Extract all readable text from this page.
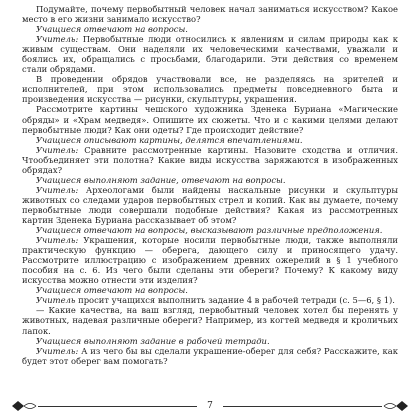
Подумайте, почему первобытный человек начал заниматься искусством? Какое место в его жизни занимало искусство?

Учащиеся отвечают на вопросы.

Учитель: Первобытные люди относились к явлениям и силам природы как к живым существам. Они наделяли их человеческими качествами, уважали и боялись их, обращались с просьбами, благодарили. Эти действия со временем стали обрядами.

В проведении обрядов участвовали все, не разделяясь на зрителей и исполнителей, при этом использовались предметы повседневного быта и произведения искусства — рисунки, скульптуры, украшения.

Рассмотрите картины чешского художника Зденека Буриана «Магические обряды» и «Храм медведя». Опишите их сюжеты. Что и с какими целями делают первобытные люди? Как они одеты? Где происходит действие?

Учащиеся описывают картины, делятся впечатлениями.

Учитель: Сравните рассмотренные картины. Назовите сходства и отличия. Чтообъединяет эти полотна? Какие виды искусства заряжаются в изображенных обрядах?

Учащиеся выполняют задание, отвечают на вопросы.

Учитель: Археологами были найдены наскальные рисунки и скульптуры животных со следами ударов первобытных стрел и копий. Как вы думаете, почему первобытные люди совершали подобные действия? Какая из рассмотренных картин Зденека Буриана рассказывает об этом?

Учащиеся отвечают на вопросы, высказывают различные предположения.

Учитель: Украшения, которые носили первобытные люди, также выполняли практическую функцию — оберега, дающего силу и приносящего удачу. Рассмотрите иллюстрацию с изображением древних ожерелий в § 1 учебного пособия на с. 6. Из чего были сделаны эти обереги? Почему? К какому виду искусства можно отнести эти изделия?

Учащиеся отвечают на вопросы.

Учитель просит учащихся выполнить задание 4 в рабочей тетради (с. 5—6, § 1).

— Какие качества, на ваш взгляд, первобытный человек хотел бы перенять у животных, надевая различные обереги? Например, из когтей медведя и кроличьих лапок.

Учащиеся выполняют задание в рабочей тетради.

Учитель: А из чего бы вы сделали украшение-оберег для себя? Расскажите, как будет этот оберег вам помогать?

7
